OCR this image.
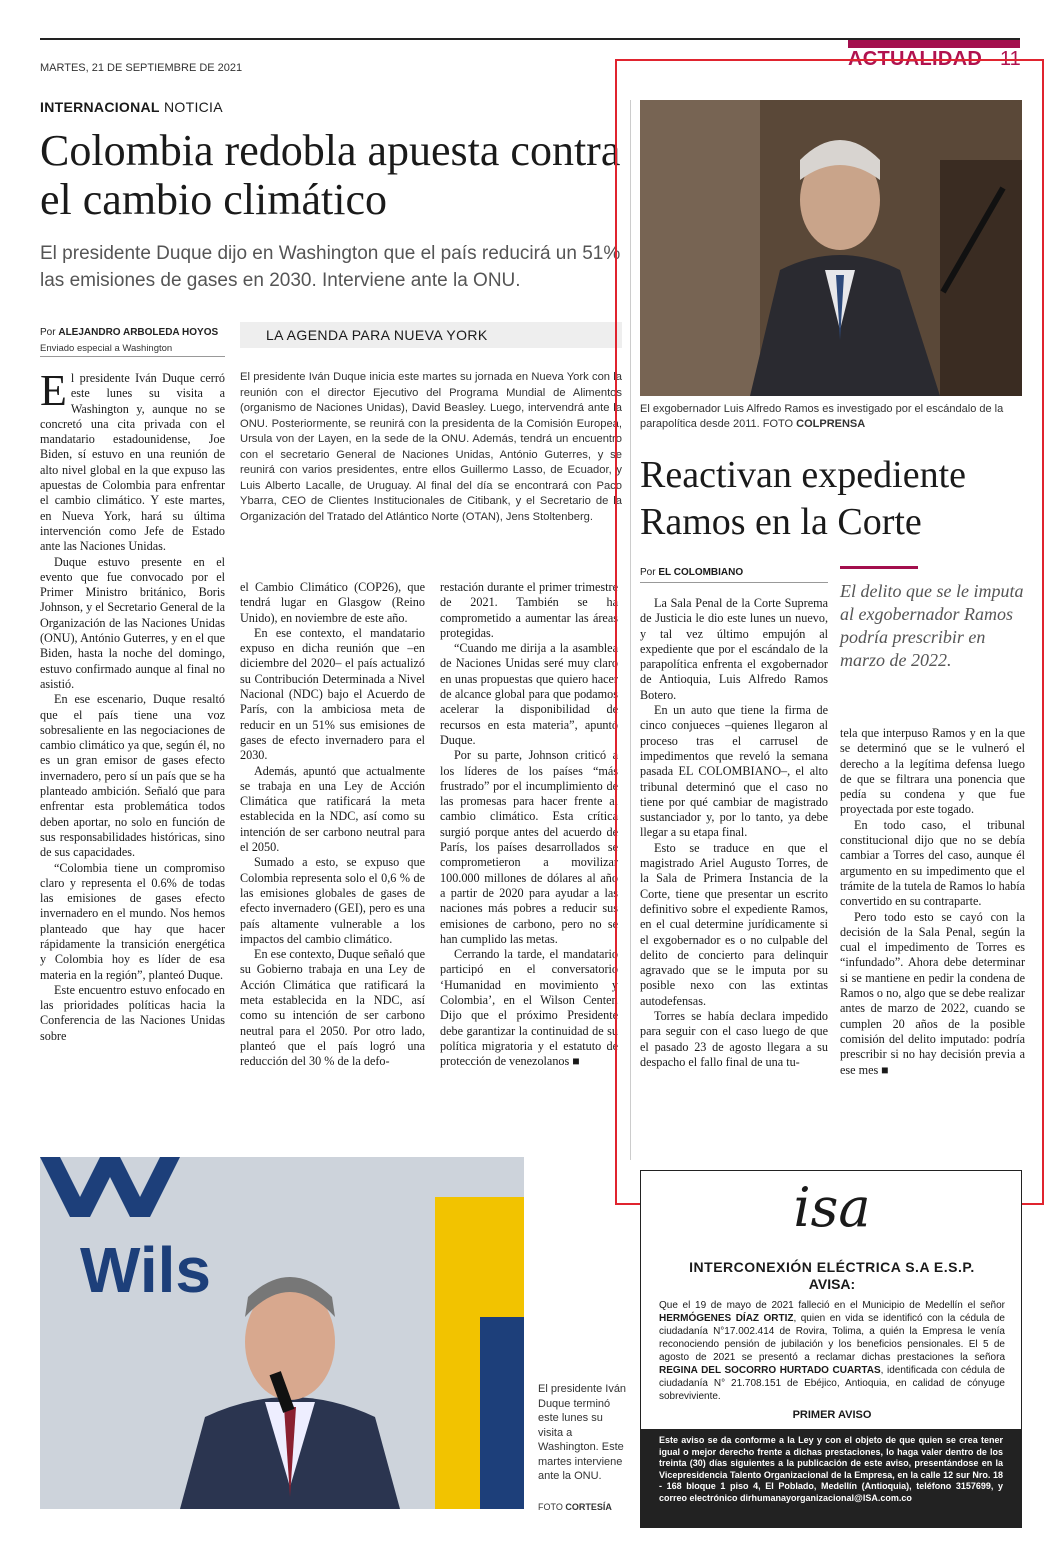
MARTES, 21 DE SEPTIEMBRE DE 2021	ACTUALIDAD 11
INTERNACIONAL NOTICIA
Colombia redobla apuesta contra el cambio climático
El presidente Duque dijo en Washington que el país reducirá un 51% las emisiones de gases en 2030. Interviene ante la ONU.
Por ALEJANDRO ARBOLEDA HOYOS
Enviado especial a Washington
LA AGENDA PARA NUEVA YORK
El presidente Iván Duque inicia este martes su jornada en Nueva York con la reunión con el director Ejecutivo del Programa Mundial de Alimentos (organismo de Naciones Unidas), David Beasley. Luego, intervendrá ante la ONU. Posteriormente, se reunirá con la presidenta de la Comisión Europea, Ursula von der Layen, en la sede de la ONU. Además, tendrá un encuentro con el secretario General de Naciones Unidas, António Guterres, y se reunirá con varios presidentes, entre ellos Guillermo Lasso, de Ecuador, y Luis Alberto Lacalle, de Uruguay. Al final del día se encontrará con Paco Ybarra, CEO de Clientes Institucionales de Citibank, y el Secretario de la Organización del Tratado del Atlántico Norte (OTAN), Jens Stoltenberg.

El presidente Iván Duque cerró este lunes su visita a Washington y, aunque no se concretó una cita privada con el mandatario estadounidense, Joe Biden, sí estuvo en una reunión de alto nivel global en la que expuso las apuestas de Colombia para enfrentar el cambio climático. Y este martes, en Nueva York, hará su última intervención como Jefe de Estado ante las Naciones Unidas.

Duque estuvo presente en el evento que fue convocado por el Primer Ministro británico, Boris Johnson, y el Secretario General de la Organización de las Naciones Unidas (ONU), António Guterres, y en el que Biden, hasta la noche del domingo, estuvo confirmado aunque al final no asistió.

En ese escenario, Duque resaltó que el país tiene una voz sobresaliente en las negociaciones de cambio climático ya que, según él, no es un gran emisor de gases efecto invernadero, pero sí un país que se ha planteado ambición. Señaló que para enfrentar esta problemática todos deben aportar, no solo en función de sus responsabilidades históricas, sino de sus capacidades.

“Colombia tiene un compromiso claro y representa el 0.6% de todas las emisiones de gases efecto invernadero en el mundo. Nos hemos planteado que hay que hacer rápidamente la transición energética y Colombia hoy es líder de esa materia en la región”, planteó Duque.

Este encuentro estuvo enfocado en las prioridades políticas hacia la Conferencia de las Naciones Unidas sobre

el Cambio Climático (COP26), que tendrá lugar en Glasgow (Reino Unido), en noviembre de este año.

En ese contexto, el mandatario expuso en dicha reunión que –en diciembre del 2020– el país actualizó su Contribución Determinada a Nivel Nacional (NDC) bajo el Acuerdo de París, con la ambiciosa meta de reducir en un 51% sus emisiones de gases de efecto invernadero para el 2030.

Además, apuntó que actualmente se trabaja en una Ley de Acción Climática que ratificará la meta establecida en la NDC, así como su intención de ser carbono neutral para el 2050.

Sumado a esto, se expuso que Colombia representa solo el 0,6 % de las emisiones globales de gases de efecto invernadero (GEI), pero es una país altamente vulnerable a los impactos del cambio climático.

En ese contexto, Duque señaló que su Gobierno trabaja en una Ley de Acción Climática que ratificará la meta establecida en la NDC, así como su intención de ser carbono neutral para el 2050. Por otro lado, planteó que el país logró una reducción del 30 % de la defo-

restación durante el primer trimestre de 2021. También se ha comprometido a aumentar las áreas protegidas.

“Cuando me dirija a la asamblea de Naciones Unidas seré muy claro en unas propuestas que quiero hacer de alcance global para que podamos acelerar la disponibilidad de recursos en esta materia”, apuntó Duque.

Por su parte, Johnson criticó a los líderes de los países “más frustrado” por el incumplimiento de las promesas para hacer frente al cambio climático. Esta crítica surgió porque antes del acuerdo de París, los países desarrollados se comprometieron a movilizar 100.000 millones de dólares al año a partir de 2020 para ayudar a las naciones más pobres a reducir sus emisiones de carbono, pero no se han cumplido las metas.

Cerrando la tarde, el mandatario participó en el conversatorio ‘Humanidad en movimiento y Colombia’, en el Wilson Center. Dijo que el próximo Presidente debe garantizar la continuidad de su política migratoria y el estatuto de protección de venezolanos ■

El exgobernador Luis Alfredo Ramos es investigado por el escándalo de la parapolítica desde 2011. FOTO COLPRENSA
Reactivan expediente Ramos en la Corte
Por EL COLOMBIANO
El delito que se le imputa al exgobernador Ramos podría prescribir en marzo de 2022.

La Sala Penal de la Corte Suprema de Justicia le dio este lunes un nuevo, y tal vez último empujón al expediente que por el escándalo de la parapolítica enfrenta el exgobernador de Antioquia, Luis Alfredo Ramos Botero.

En un auto que tiene la firma de cinco conjueces –quienes llegaron al proceso tras el carrusel de impedimentos que reveló la semana pasada EL COLOMBIANO–, el alto tribunal determinó que el caso no tiene por qué cambiar de magistrado sustanciador y, por lo tanto, ya debe llegar a su etapa final.

Esto se traduce en que el magistrado Ariel Augusto Torres, de la Sala de Primera Instancia de la Corte, tiene que presentar un escrito definitivo sobre el expediente Ramos, en el cual determine jurídicamente si el exgobernador es o no culpable del delito de concierto para delinquir agravado que se le imputa por su posible nexo con las extintas autodefensas.

Torres se había declara impedido para seguir con el caso luego de que el pasado 23 de agosto llegara a su despacho el fallo final de una tu-

tela que interpuso Ramos y en la que se determinó que se le vulneró el derecho a la legítima defensa luego de que se filtrara una ponencia que pedía su condena y que fue proyectada por este togado.

En todo caso, el tribunal constitucional dijo que no se debía cambiar a Torres del caso, aunque él argumento en su impedimento que el trámite de la tutela de Ramos lo había convertido en su contraparte.

Pero todo esto se cayó con la decisión de la Sala Penal, según la cual el impedimento de Torres es “infundado”. Ahora debe determinar si se mantiene en pedir la condena de Ramos o no, algo que se debe realizar antes de marzo de 2022, cuando se cumplen 20 años de la posible comisión del delito imputado: podría prescribir si no hay decisión previa a ese mes ■

Wils
El presidente Iván Duque terminó este lunes su visita a Washington. Este martes interviene ante la ONU.
FOTO CORTESÍA
isa
INTERCONEXIÓN ELÉCTRICA S.A E.S.P.
AVISA:
Que el 19 de mayo de 2021 falleció en el Municipio de Medellín el señor HERMÓGENES DÍAZ ORTIZ, quien en vida se identificó con la cédula de ciudadanía N°17.002.414 de Rovira, Tolima, a quién la Empresa le venía reconociendo pensión de jubilación y los beneficios pensionales. El 5 de agosto de 2021 se presentó a reclamar dichas prestaciones la señora REGINA DEL SOCORRO HURTADO CUARTAS, identificada con cédula de ciudadanía N° 21.708.151 de Ebéjico, Antioquia, en calidad de cónyuge sobreviviente.
PRIMER AVISO
Este aviso se da conforme a la Ley y con el objeto de que quien se crea tener igual o mejor derecho frente a dichas prestaciones, lo haga valer dentro de los treinta (30) días siguientes a la publicación de este aviso, presentándose en la Vicepresidencia Talento Organizacional de la Empresa, en la calle 12 sur Nro. 18 - 168 bloque 1 piso 4, El Poblado, Medellín (Antioquia), teléfono 3157699, y correo electrónico dirhumanayorganizacional@ISA.com.co
